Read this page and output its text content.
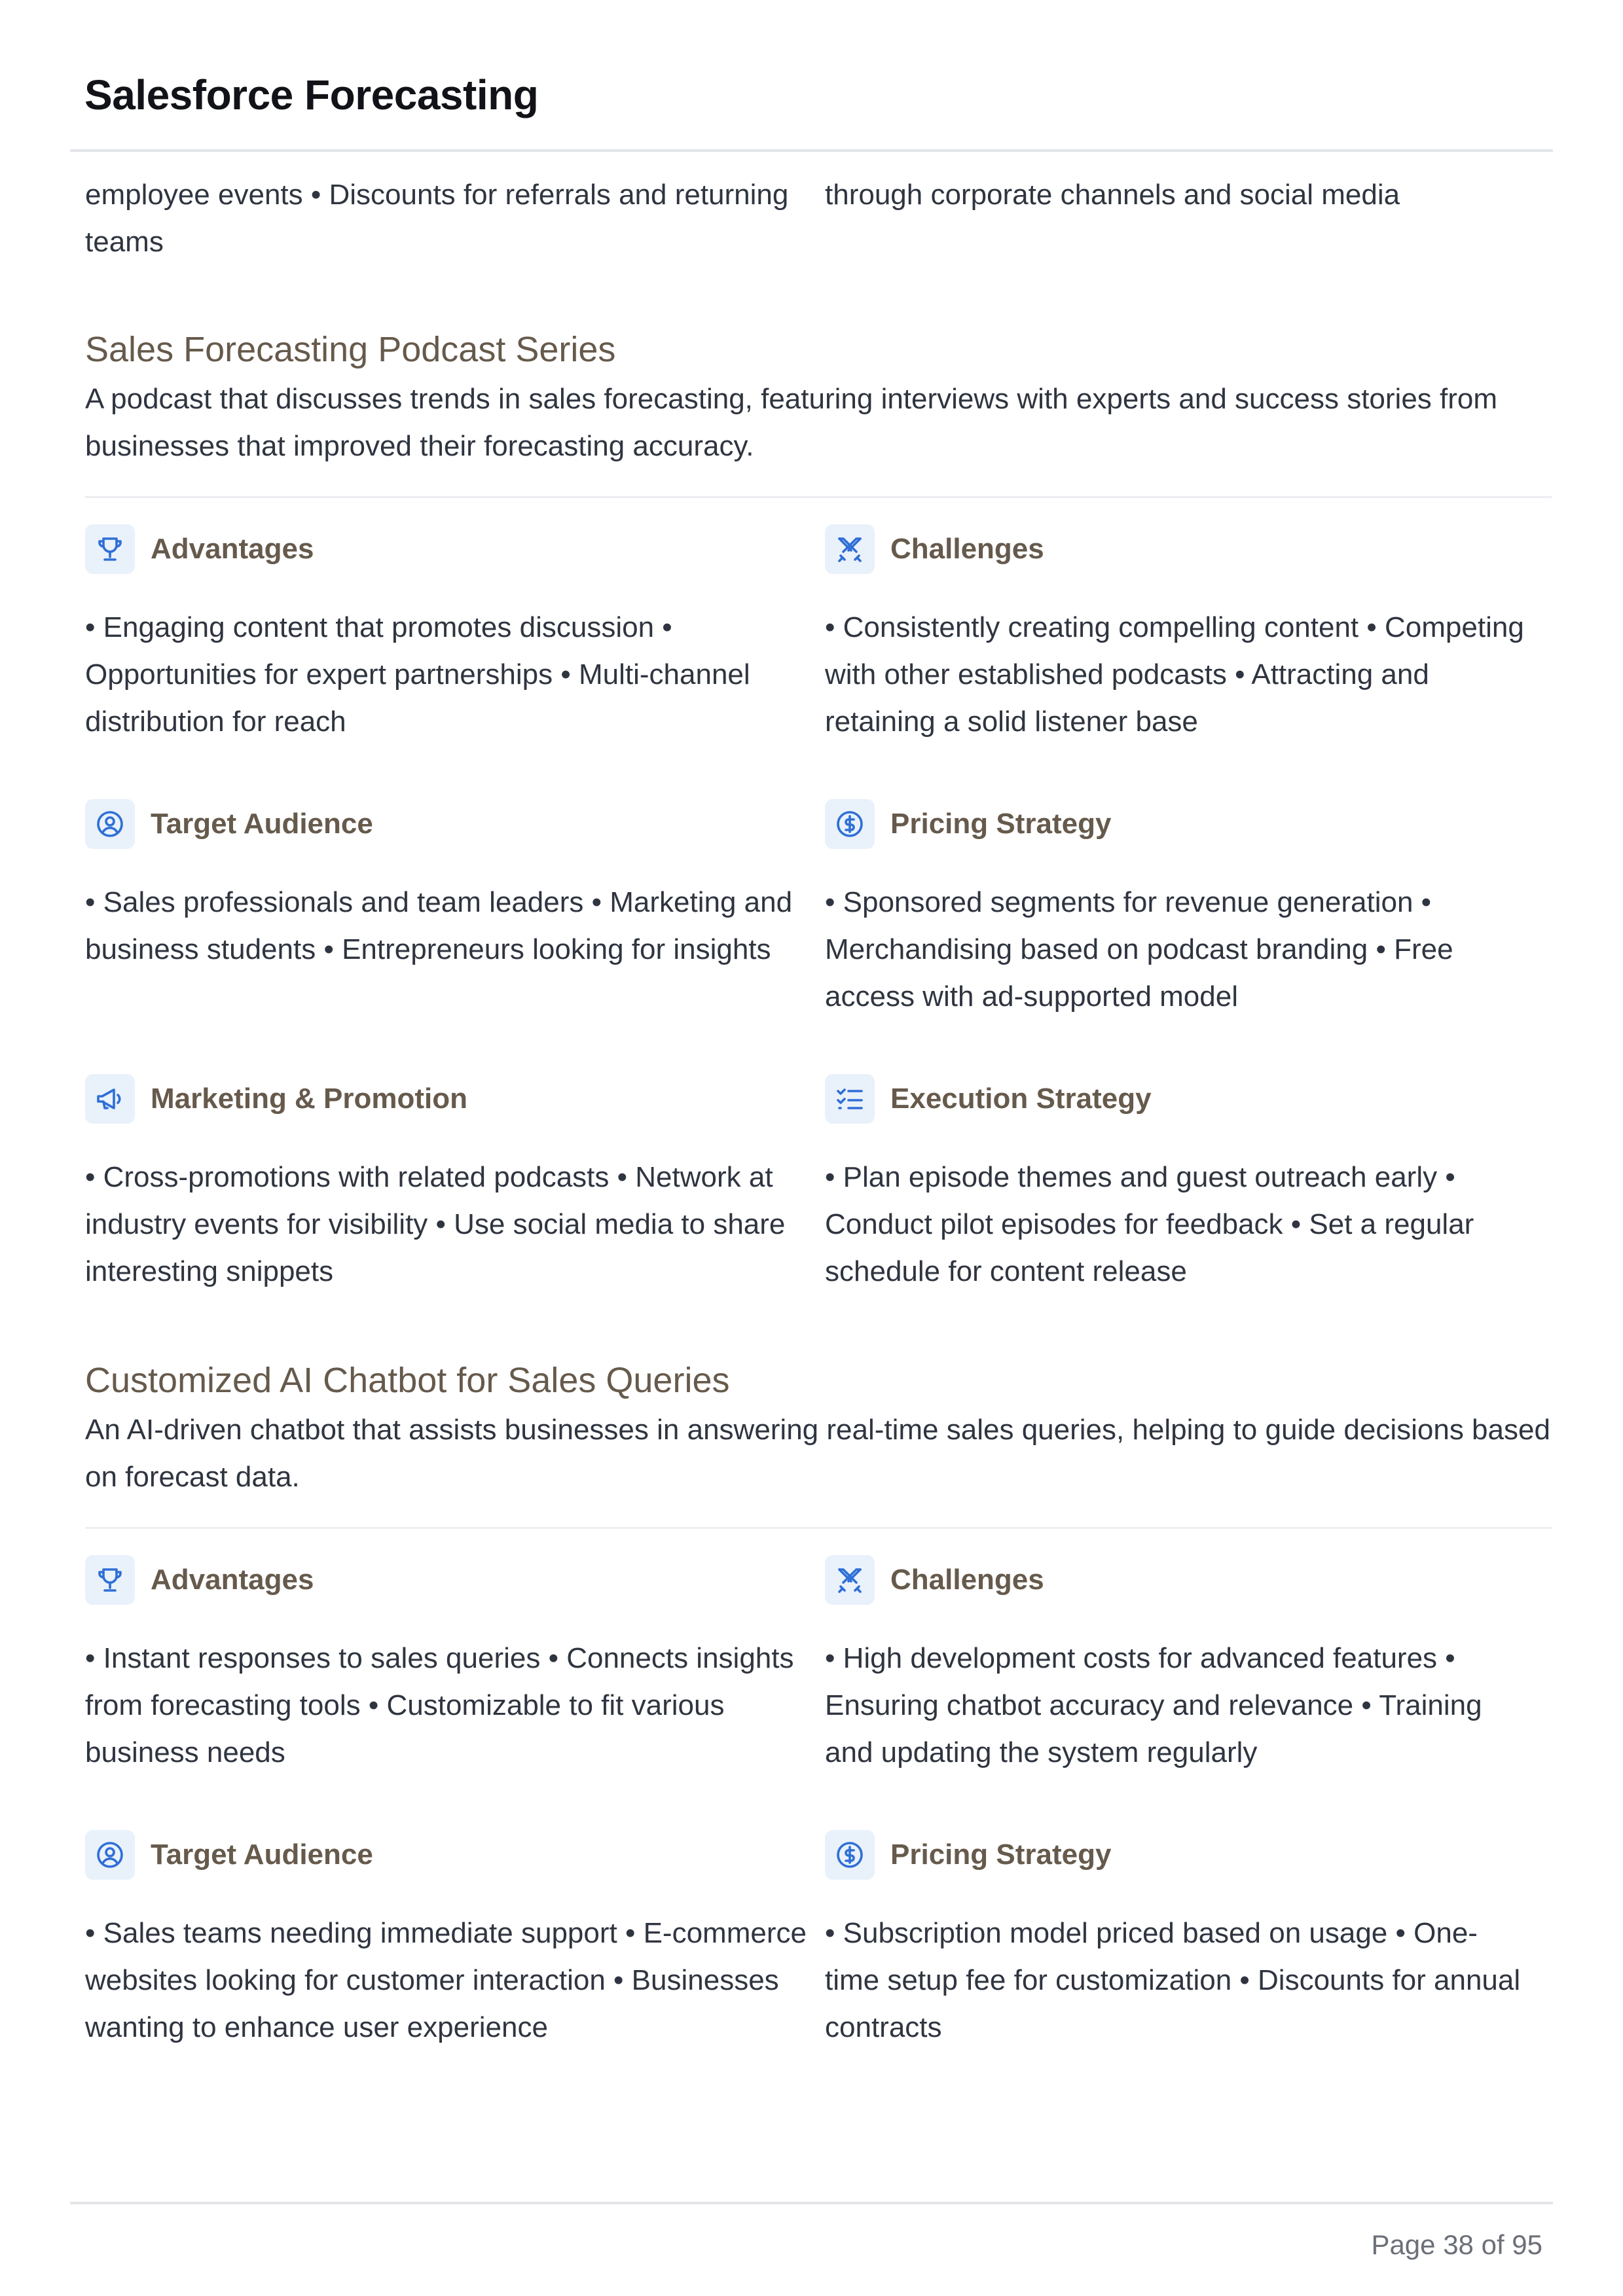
Salesforce Forecasting
employee events • Discounts for referrals and returning teams
through corporate channels and social media
Sales Forecasting Podcast Series
A podcast that discusses trends in sales forecasting, featuring interviews with experts and success stories from businesses that improved their forecasting accuracy.
Advantages
• Engaging content that promotes discussion • Opportunities for expert partnerships • Multi-channel distribution for reach
Challenges
• Consistently creating compelling content • Competing with other established podcasts • Attracting and retaining a solid listener base
Target Audience
• Sales professionals and team leaders • Marketing and business students • Entrepreneurs looking for insights
Pricing Strategy
• Sponsored segments for revenue generation • Merchandising based on podcast branding • Free access with ad-supported model
Marketing & Promotion
• Cross-promotions with related podcasts • Network at industry events for visibility • Use social media to share interesting snippets
Execution Strategy
• Plan episode themes and guest outreach early • Conduct pilot episodes for feedback • Set a regular schedule for content release
Customized AI Chatbot for Sales Queries
An AI-driven chatbot that assists businesses in answering real-time sales queries, helping to guide decisions based on forecast data.
Advantages
• Instant responses to sales queries • Connects insights from forecasting tools • Customizable to fit various business needs
Challenges
• High development costs for advanced features • Ensuring chatbot accuracy and relevance • Training and updating the system regularly
Target Audience
• Sales teams needing immediate support • E-commerce websites looking for customer interaction • Businesses wanting to enhance user experience
Pricing Strategy
• Subscription model priced based on usage • One-time setup fee for customization • Discounts for annual contracts
Page 38 of 95
